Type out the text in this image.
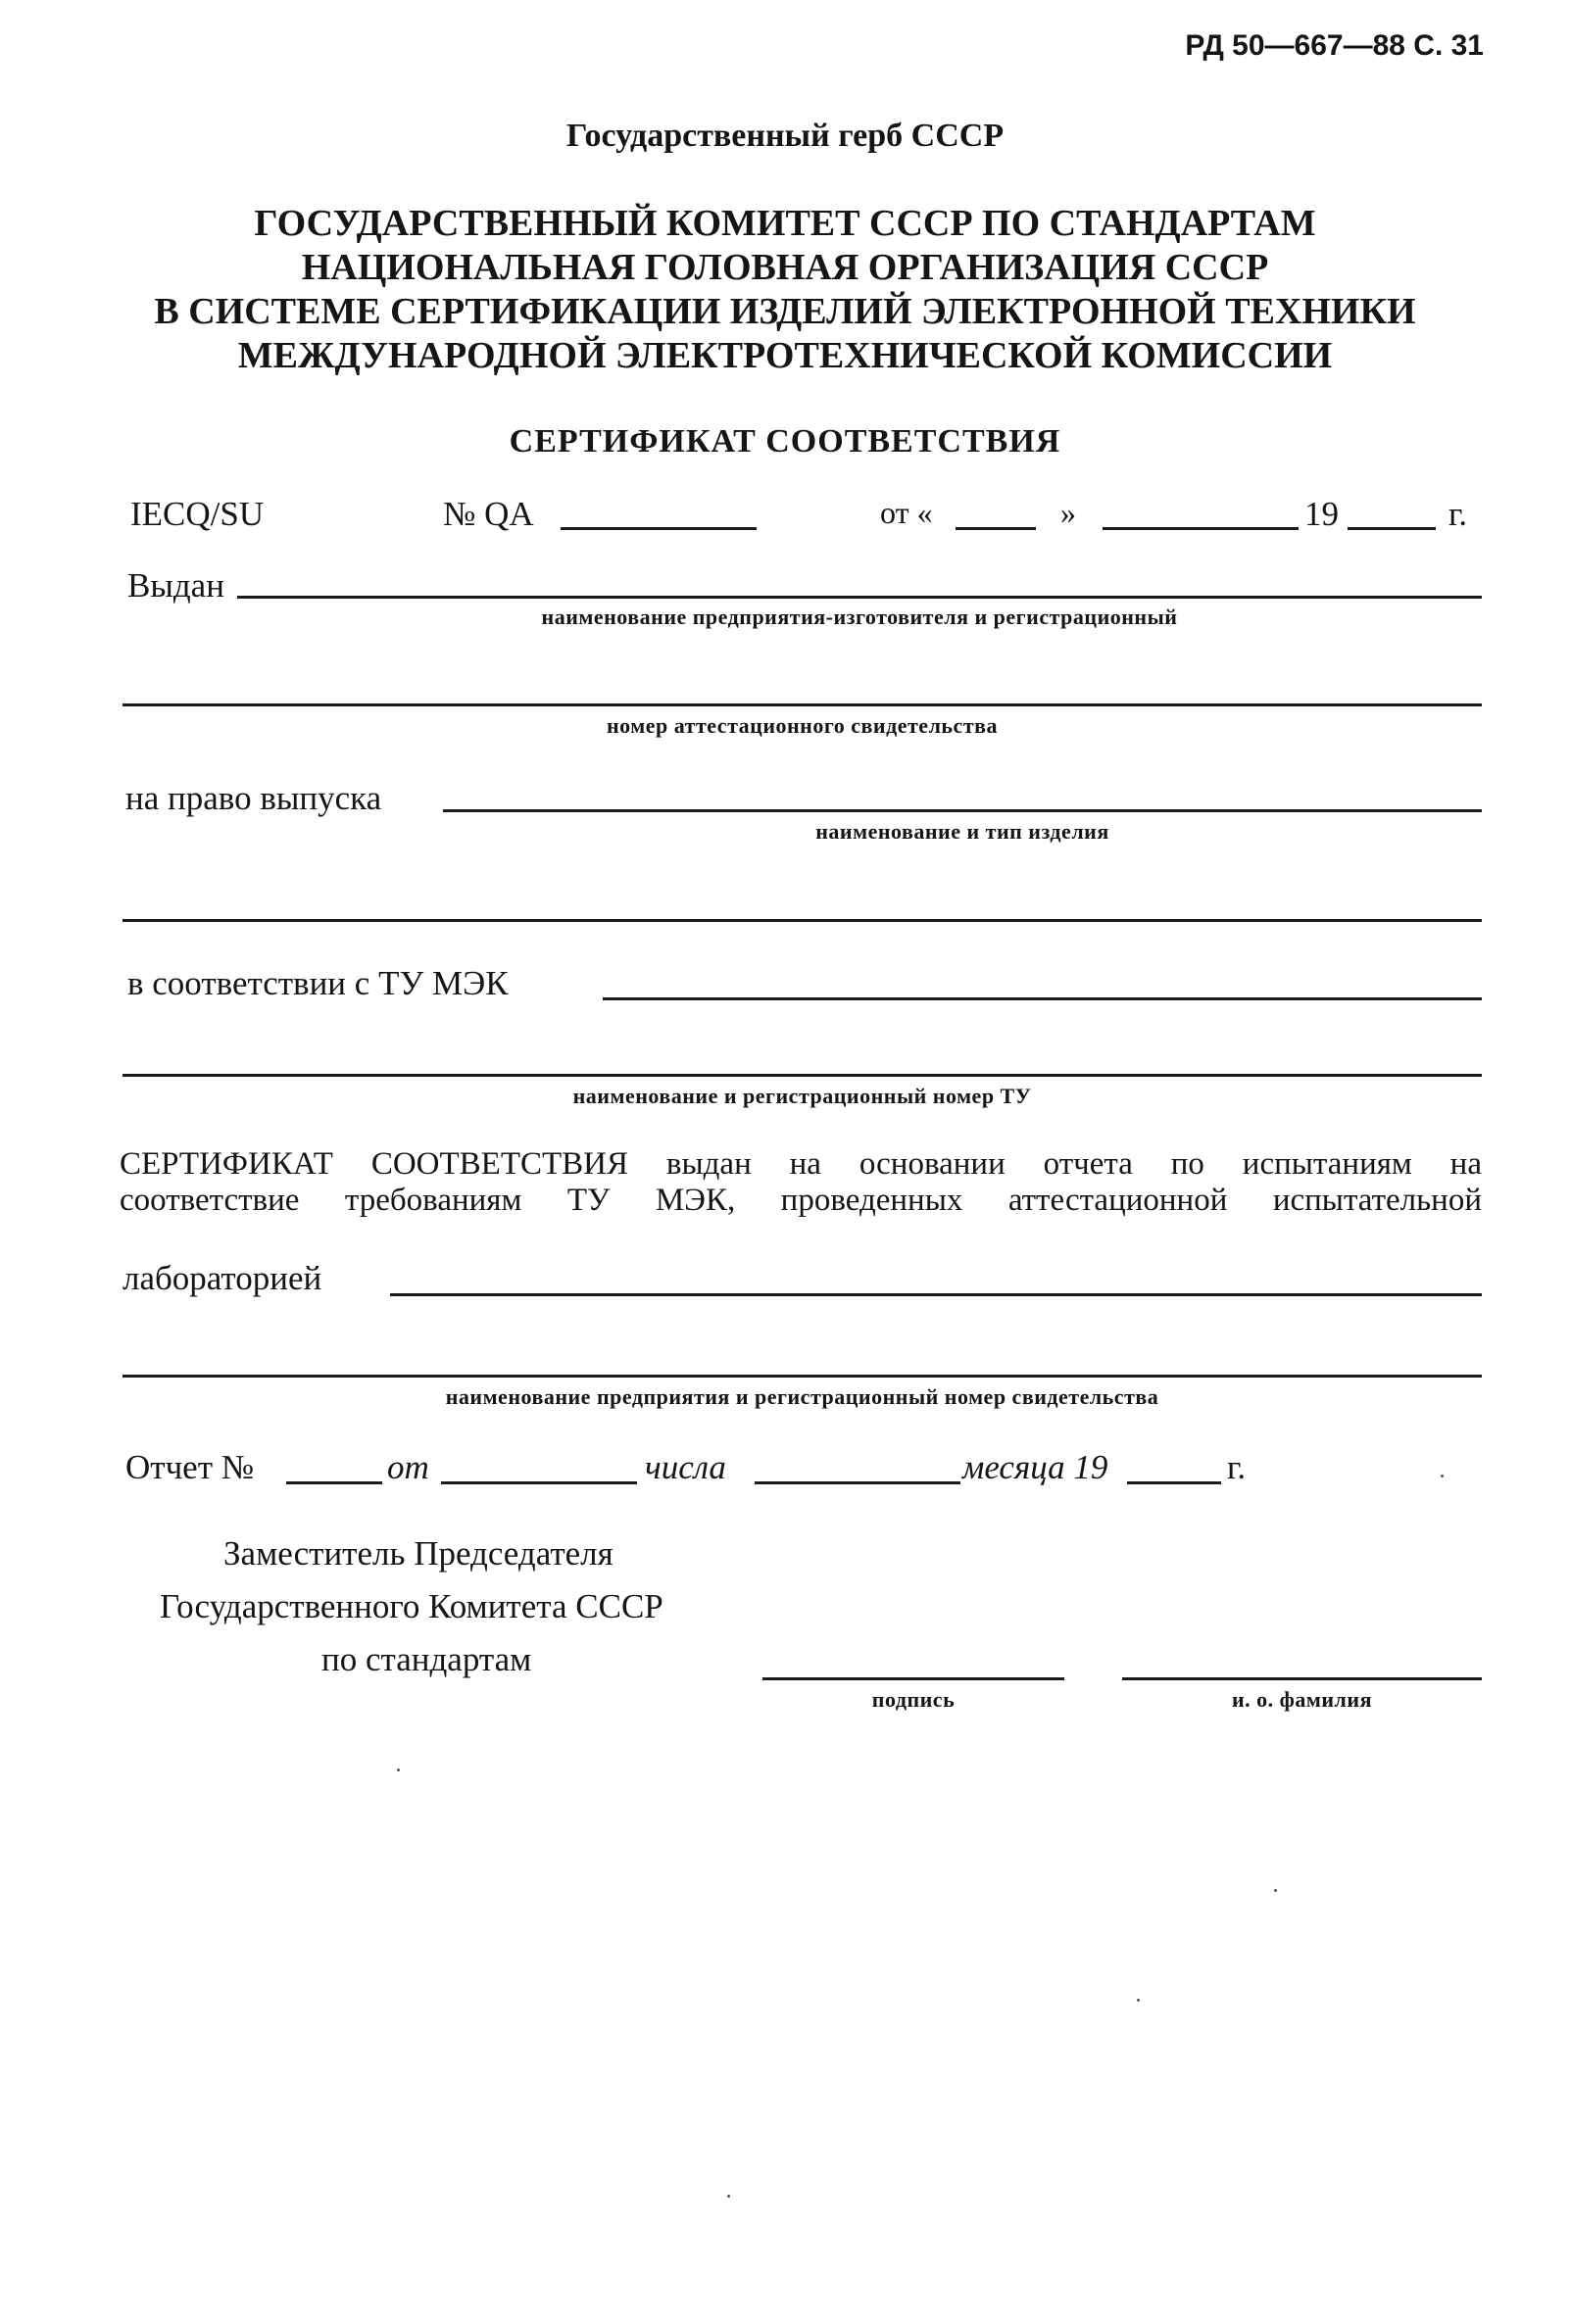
РД 50—667—88 С. 31
Государственный герб СССР
ГОСУДАРСТВЕННЫЙ КОМИТЕТ СССР ПО СТАНДАРТАМ
НАЦИОНАЛЬНАЯ ГОЛОВНАЯ ОРГАНИЗАЦИЯ СССР
В СИСТЕМЕ СЕРТИФИКАЦИИ ИЗДЕЛИЙ ЭЛЕКТРОННОЙ ТЕХНИКИ
МЕЖДУНАРОДНОЙ ЭЛЕКТРОТЕХНИЧЕСКОЙ КОМИССИИ
СЕРТИФИКАТ СООТВЕТСТВИЯ
IECQ/SU	№ QA	от «	»	19	г.
Выдан
наименование предприятия-изготовителя и регистрационный
номер аттестационного свидетельства
на право выпуска
наименование и тип изделия
в соответствии с ТУ МЭК
наименование и регистрационный номер ТУ
СЕРТИФИКАТ СООТВЕТСТВИЯ выдан на основании отчета по испытаниям на
соответствие требованиям ТУ МЭК, проведенных аттестационной испытательной
лабораторией
наименование предприятия и регистрационный номер свидетельства
Отчет №	от	числа	месяца 19	г.
Заместитель Председателя
Государственного Комитета СССР
по стандартам
подпись	и. о. фамилия
